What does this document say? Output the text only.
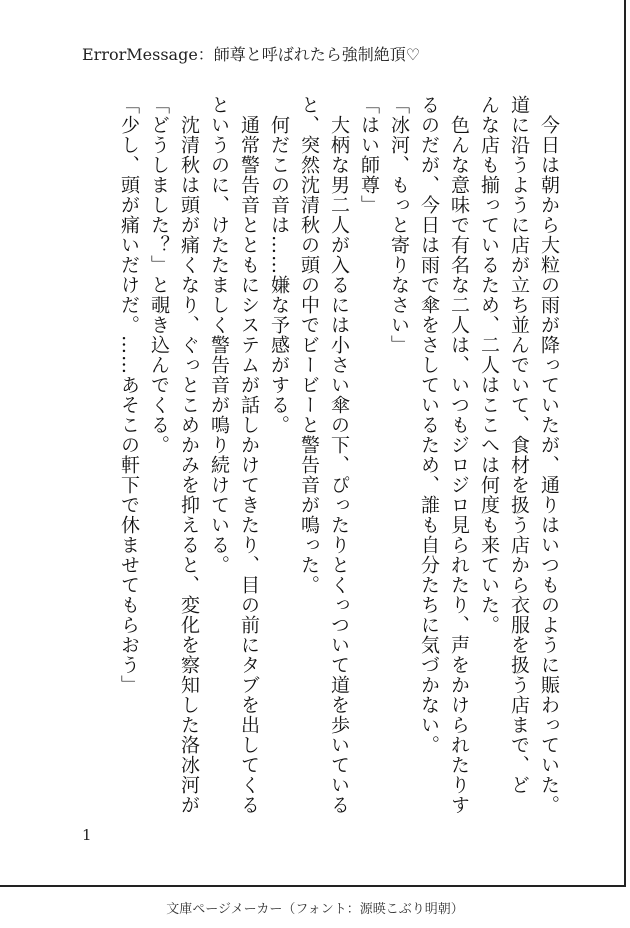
ErrorMessage：師尊と呼ばれたら強制絶頂♡

　今日は朝から大粒の雨が降っていたが、通りはいつものように賑わっていた。

道に沿うように店が立ち並んでいて、食材を扱う店から衣服を扱う店まで、ど

んな店も揃っているため、二人はここへは何度も来ていた。

　色んな意味で有名な二人は、いつもジロジロ見られたり、声をかけられたりす

るのだが、今日は雨で傘をさしているため、誰も自分たちに気づかない。

「冰河、もっと寄りなさい」

「はい師尊」

　大柄な男二人が入るには小さい傘の下、ぴったりとくっついて道を歩いている

と、突然沈清秋の頭の中でビービーと警告音が鳴った。

　何だこの音は……嫌な予感がする。

　通常警告音とともにシステムが話しかけてきたり、目の前にタブを出してくる

というのに、けたたましく警告音が鳴り続けている。

　沈清秋は頭が痛くなり、ぐっとこめかみを抑えると、変化を察知した洛冰河が

「どうしました？」と覗き込んでくる。

「少し、頭が痛いだけだ。……あそこの軒下で休ませてもらおう」

1
文庫ページメーカー（フォント：源暎こぶり明朝）
